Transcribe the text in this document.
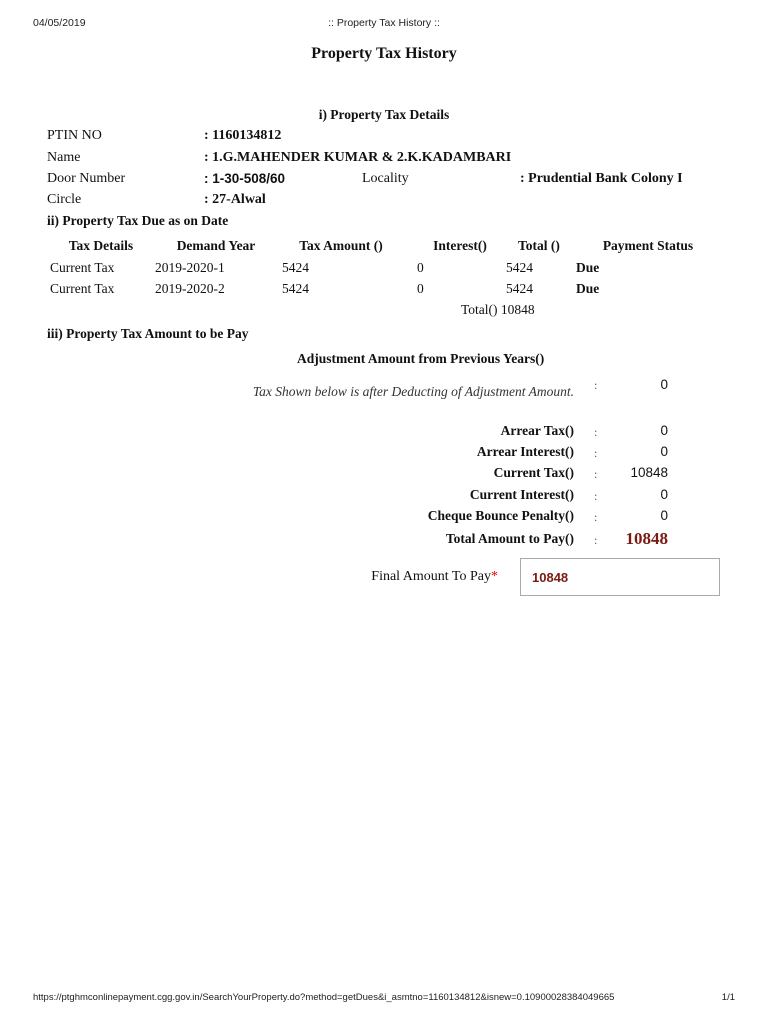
04/05/2019	:: Property Tax History ::
Property Tax History
i) Property Tax Details
PTIN NO	: 1160134812
Name	: 1.G.MAHENDER KUMAR & 2.K.KADAMBARI
Door Number	: 1-30-508/60	Locality	: Prudential Bank Colony I
Circle	: 27-Alwal
ii) Property Tax Due as on Date
Tax Details	Demand Year	Tax Amount ()	Interest()	Total ()	Payment Status
Current Tax	2019-2020-1	5424	0	5424	Due
Current Tax	2019-2020-2	5424	0	5424	Due
Total() 10848
iii) Property Tax Amount to be Pay
Adjustment Amount from Previous Years()
Tax Shown below is after Deducting of Adjustment Amount. :	0
Arrear Tax() :	0
Arrear Interest() :	0
Current Tax() : 10848
Current Interest() :	0
Cheque Bounce Penalty() :	0
Total Amount to Pay() : 10848
Final Amount To Pay*	10848
https://ptghmconlinepayment.cgg.gov.in/SearchYourProperty.do?method=getDues&i_asmtno=1160134812&isnew=0.10900028384049665	1/1
